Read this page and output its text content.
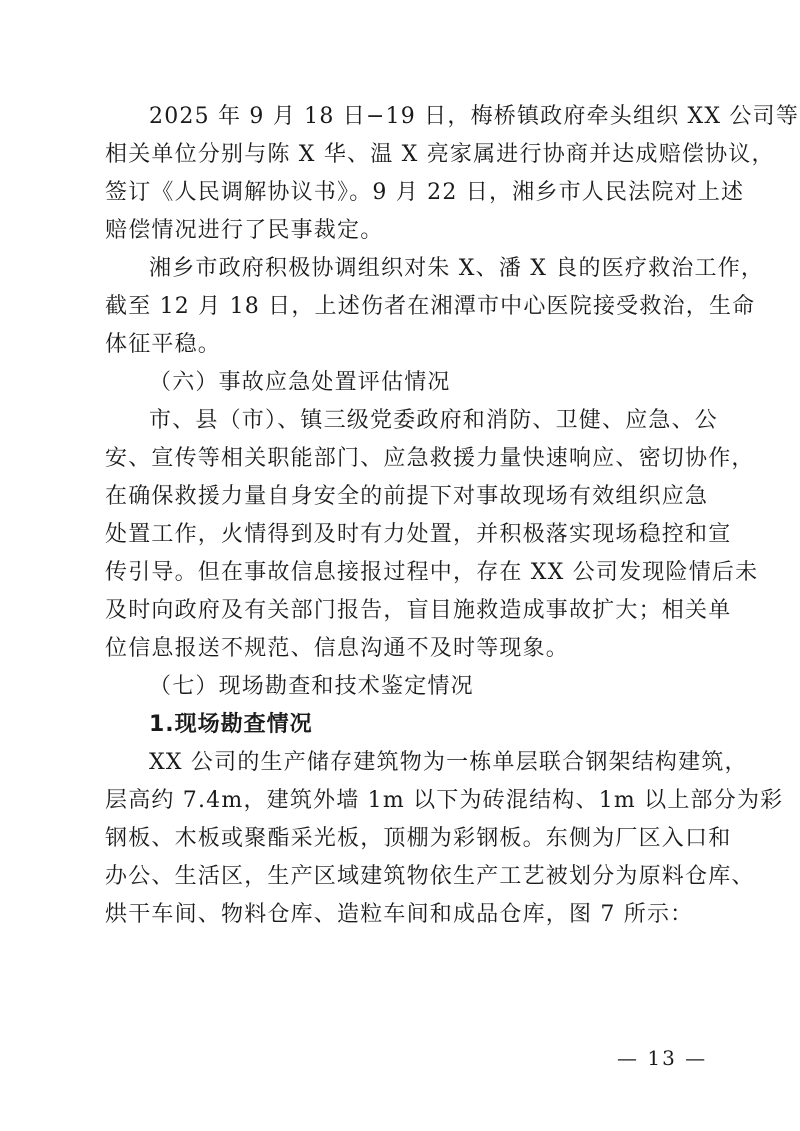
2025 年 9 月 18 日−19 日，梅桥镇政府牵头组织 XX 公司等
相关单位分别与陈 X 华、温 X 亮家属进行协商并达成赔偿协议，
签订《人民调解协议书》。9 月 22 日，湘乡市人民法院对上述
赔偿情况进行了民事裁定。
湘乡市政府积极协调组织对朱 X、潘 X 良的医疗救治工作，
截至 12 月 18 日，上述伤者在湘潭市中心医院接受救治，生命
体征平稳。
（六）事故应急处置评估情况
市、县（市）、镇三级党委政府和消防、卫健、应急、公
安、宣传等相关职能部门、应急救援力量快速响应、密切协作，
在确保救援力量自身安全的前提下对事故现场有效组织应急
处置工作，火情得到及时有力处置，并积极落实现场稳控和宣
传引导。但在事故信息接报过程中，存在 XX 公司发现险情后未
及时向政府及有关部门报告，盲目施救造成事故扩大；相关单
位信息报送不规范、信息沟通不及时等现象。
（七）现场勘查和技术鉴定情况
1.现场勘查情况
XX 公司的生产储存建筑物为一栋单层联合钢架结构建筑，
层高约 7.4m，建筑外墙 1m 以下为砖混结构、1m 以上部分为彩
钢板、木板或聚酯采光板，顶棚为彩钢板。东侧为厂区入口和
办公、生活区，生产区域建筑物依生产工艺被划分为原料仓库、
烘干车间、物料仓库、造粒车间和成品仓库，图 7 所示：
— 13 —
